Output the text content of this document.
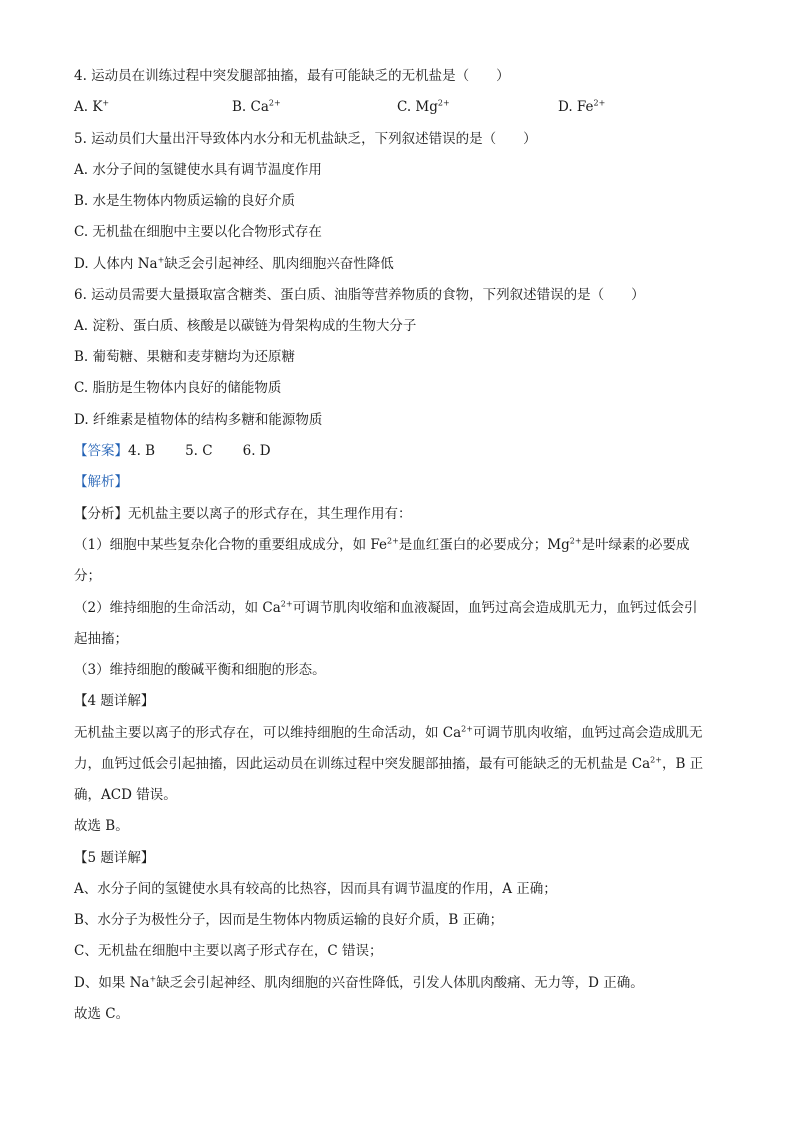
4. 运动员在训练过程中突发腿部抽搐，最有可能缺乏的无机盐是（　　）
A. K+	B. $Ca^{2+}$	C. $Mg^{2+}$	D. $Fe^{2+}$
5. 运动员们大量出汗导致体内水分和无机盐缺乏，下列叙述错误的是（　　）
A. 水分子间的氢键使水具有调节温度作用
B. 水是生物体内物质运输的良好介质
C. 无机盐在细胞中主要以化合物形式存在
D. 人体内 Na+缺乏会引起神经、肌肉细胞兴奋性降低
6. 运动员需要大量摄取富含糖类、蛋白质、油脂等营养物质的食物，下列叙述错误的是（　　）
A. 淀粉、蛋白质、核酸是以碳链为骨架构成的生物大分子
B. 葡萄糖、果糖和麦芽糖均为还原糖
C. 脂肪是生物体内良好的储能物质
D. 纤维素是植物体的结构多糖和能源物质
【答案】4. B 5. C 6. D
【解析】
【分析】无机盐主要以离子的形式存在，其生理作用有：
（1）细胞中某些复杂化合物的重要组成成分，如 $Fe^{2+}$是血红蛋白的必要成分；$Mg^{2+}$是叶绿素的必要成
分；
（2）维持细胞的生命活动，如 $Ca^{2+}$可调节肌肉收缩和血液凝固，血钙过高会造成肌无力，血钙过低会引
起抽搐；
（3）维持细胞的酸碱平衡和细胞的形态。
【4 题详解】
无机盐主要以离子的形式存在，可以维持细胞的生命活动，如 $Ca^{2+}$可调节肌肉收缩，血钙过高会造成肌无
力，血钙过低会引起抽搐，因此运动员在训练过程中突发腿部抽搐，最有可能缺乏的无机盐是 $Ca^{2+}$，B 正
确，ACD 错误。
故选 B。
【5 题详解】
A、水分子间的氢键使水具有较高的比热容，因而具有调节温度的作用，A 正确；
B、水分子为极性分子，因而是生物体内物质运输的良好介质，B 正确；
C、无机盐在细胞中主要以离子形式存在，C 错误；
D、如果 Na+缺乏会引起神经、肌肉细胞的兴奋性降低，引发人体肌肉酸痛、无力等，D 正确。
故选 C。
